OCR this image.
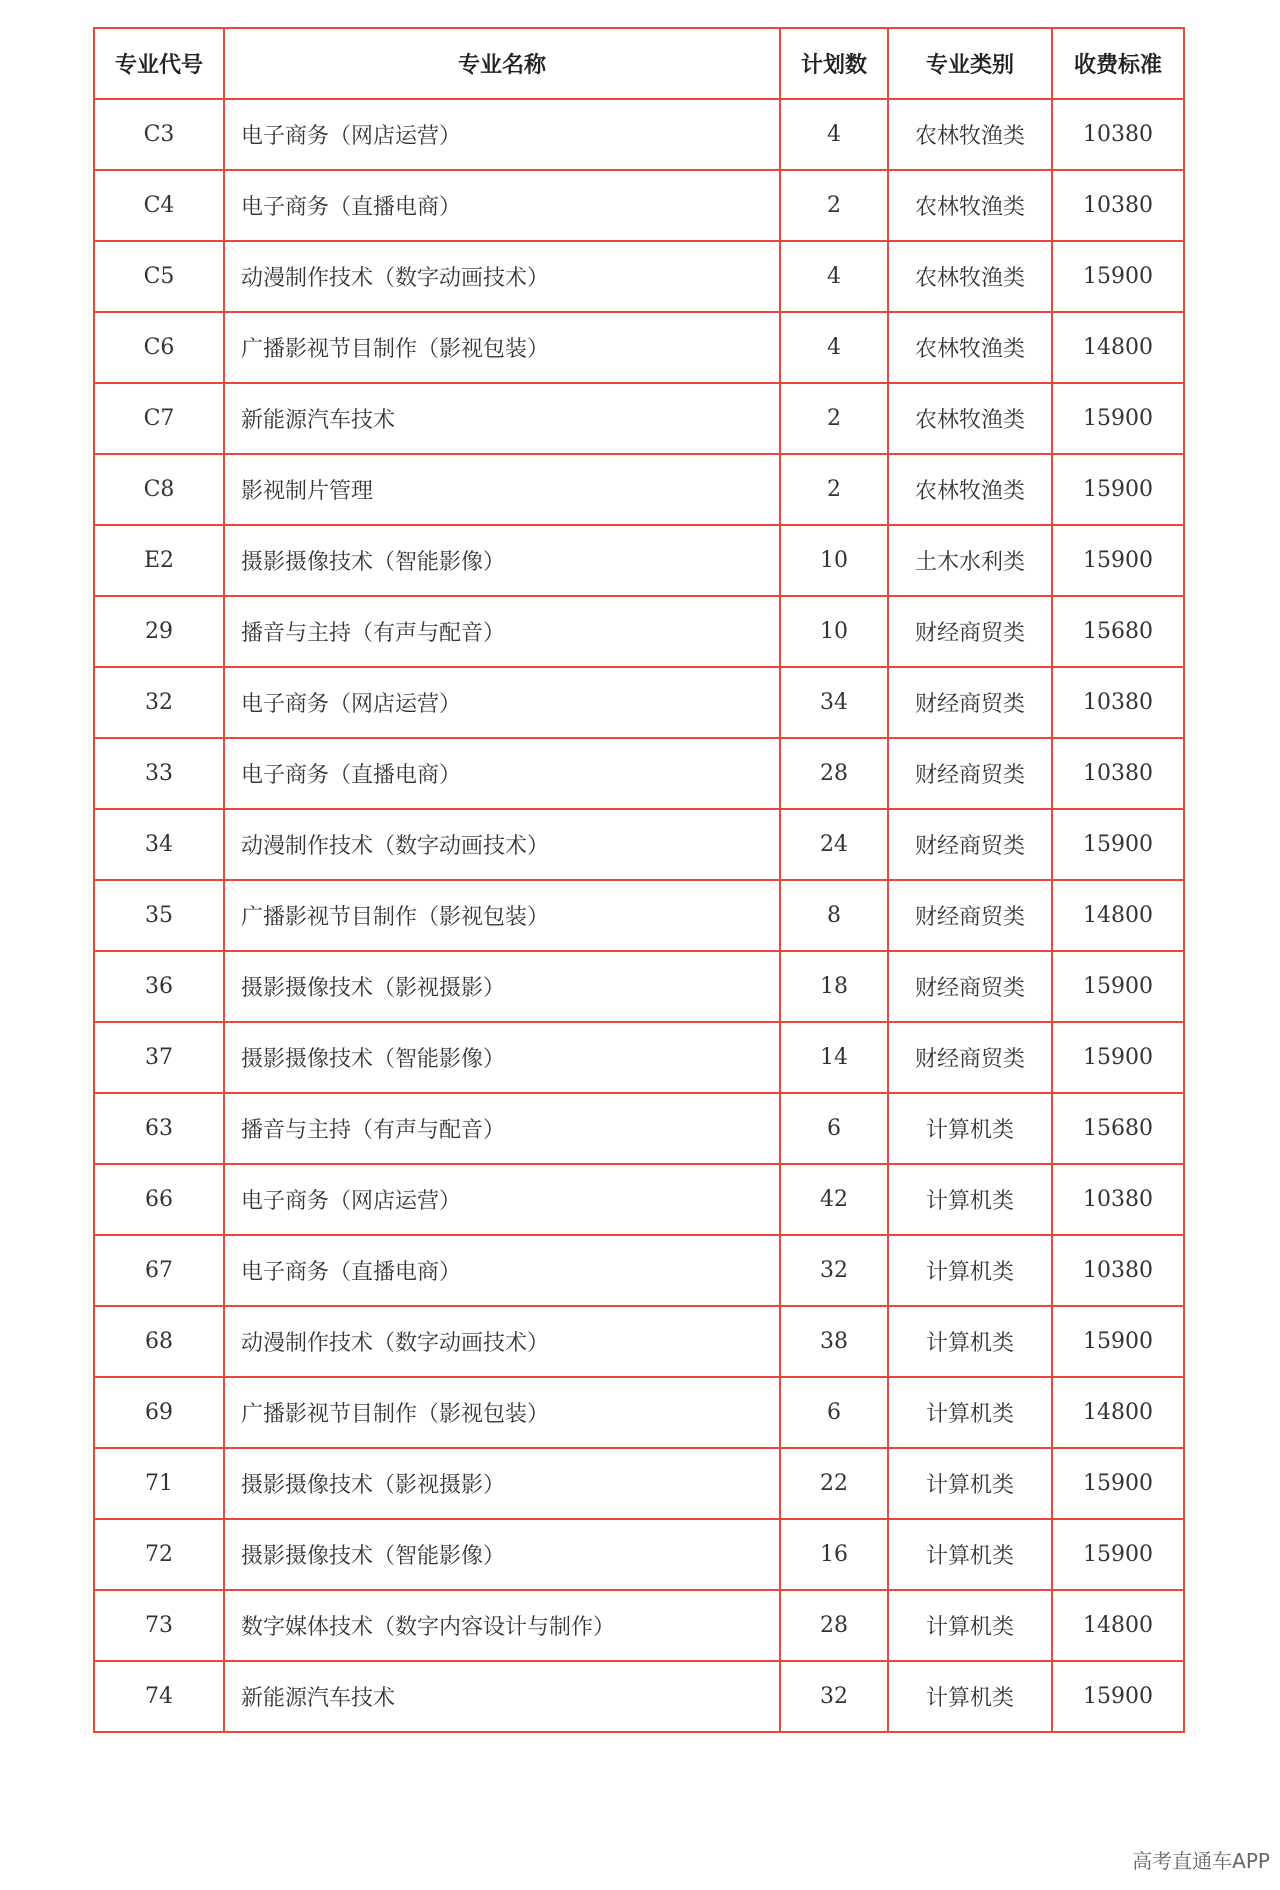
专业代号	专业名称	计划数	专业类别	收费标准
C3	电子商务（网店运营）	4	农林牧渔类	10380
C4	电子商务（直播电商）	2	农林牧渔类	10380
C5	动漫制作技术（数字动画技术）	4	农林牧渔类	15900
C6	广播影视节目制作（影视包装）	4	农林牧渔类	14800
C7	新能源汽车技术	2	农林牧渔类	15900
C8	影视制片管理	2	农林牧渔类	15900
E2	摄影摄像技术（智能影像）	10	土木水利类	15900
29	播音与主持（有声与配音）	10	财经商贸类	15680
32	电子商务（网店运营）	34	财经商贸类	10380
33	电子商务（直播电商）	28	财经商贸类	10380
34	动漫制作技术（数字动画技术）	24	财经商贸类	15900
35	广播影视节目制作（影视包装）	8	财经商贸类	14800
36	摄影摄像技术（影视摄影）	18	财经商贸类	15900
37	摄影摄像技术（智能影像）	14	财经商贸类	15900
63	播音与主持（有声与配音）	6	计算机类	15680
66	电子商务（网店运营）	42	计算机类	10380
67	电子商务（直播电商）	32	计算机类	10380
68	动漫制作技术（数字动画技术）	38	计算机类	15900
69	广播影视节目制作（影视包装）	6	计算机类	14800
71	摄影摄像技术（影视摄影）	22	计算机类	15900
72	摄影摄像技术（智能影像）	16	计算机类	15900
73	数字媒体技术（数字内容设计与制作）	28	计算机类	14800
74	新能源汽车技术	32	计算机类	15900
高考直通车APP
